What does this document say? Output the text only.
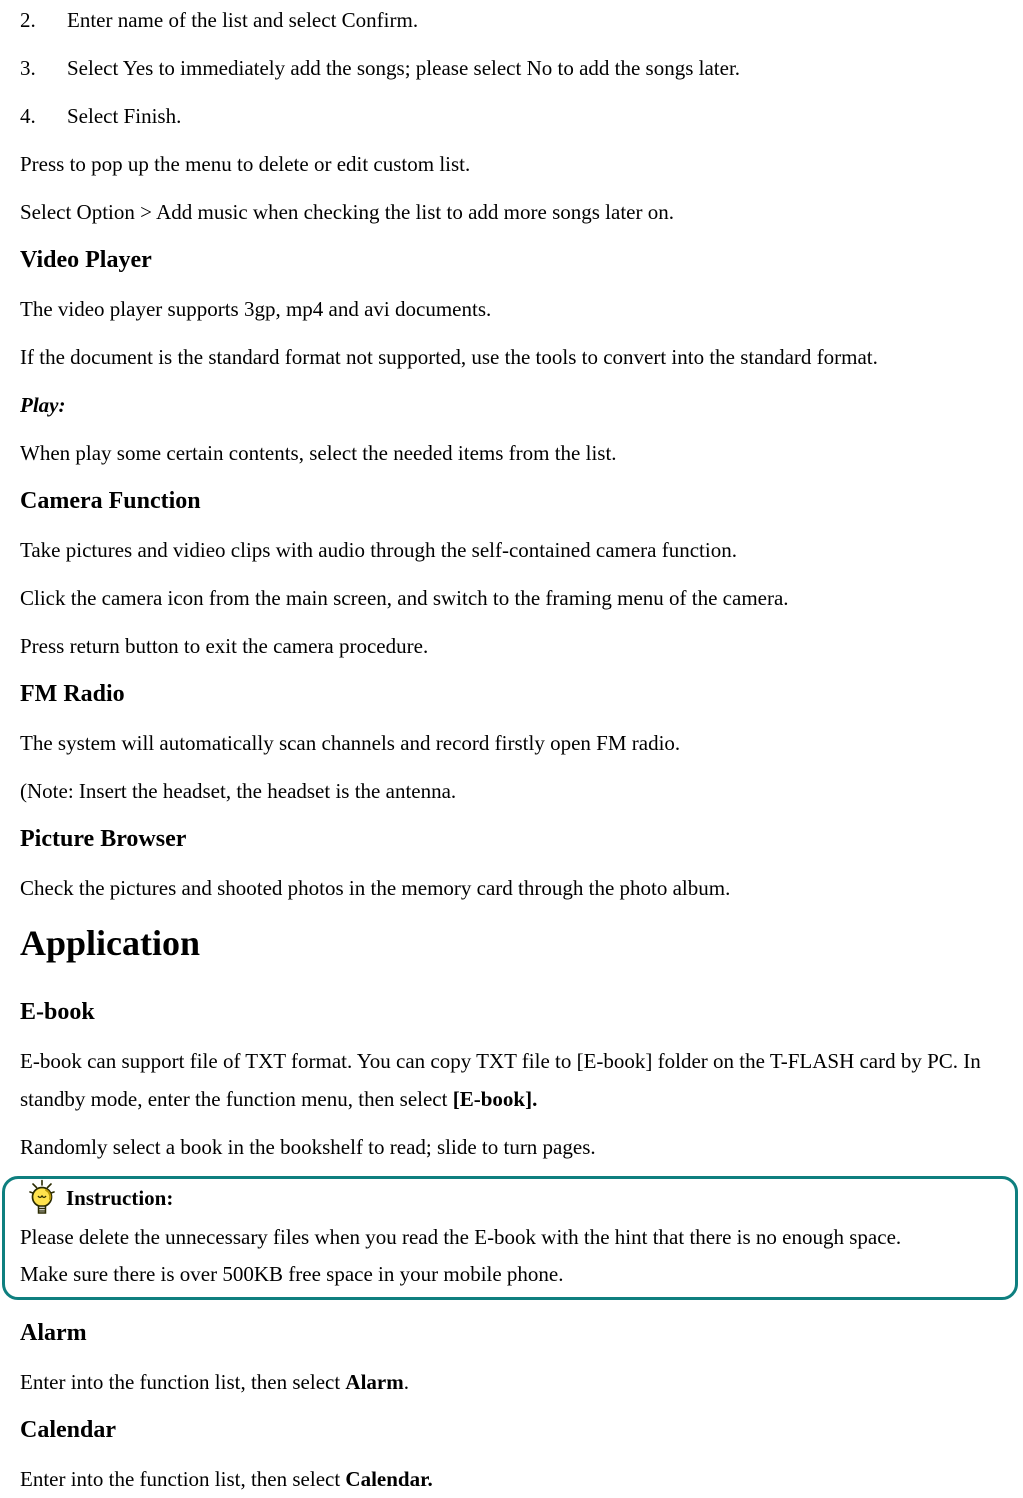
2.	Enter name of the list and select Confirm.
3.	Select Yes to immediately add the songs; please select No to add the songs later.
4.	Select Finish.

Press to pop up the menu to delete or edit custom list.

Select Option > Add music when checking the list to add more songs later on.

Video Player

The video player supports 3gp, mp4 and avi documents.

If the document is the standard format not supported, use the tools to convert into the standard format.

Play:

When play some certain contents, select the needed items from the list.

Camera Function

Take pictures and vidieo clips with audio through the self-contained camera function.

Click the camera icon from the main screen, and switch to the framing menu of the camera.

Press return button to exit the camera procedure.

FM Radio

The system will automatically scan channels and record firstly open FM radio.

(Note: Insert the headset, the headset is the antenna.

Picture Browser

Check the pictures and shooted photos in the memory card through the photo album.

Application
E-book

E-book can support file of TXT format. You can copy TXT file to [E-book] folder on the T-FLASH card by PC. In
standby mode, enter the function menu, then select [E-book].

Randomly select a book in the bookshelf to read; slide to turn pages.

Instruction:
Please delete the unnecessary files when you read the E-book with the hint that there is no enough space.
Make sure there is over 500KB free space in your mobile phone.
Alarm

Enter into the function list, then select Alarm.

Calendar

Enter into the function list, then select Calendar.
